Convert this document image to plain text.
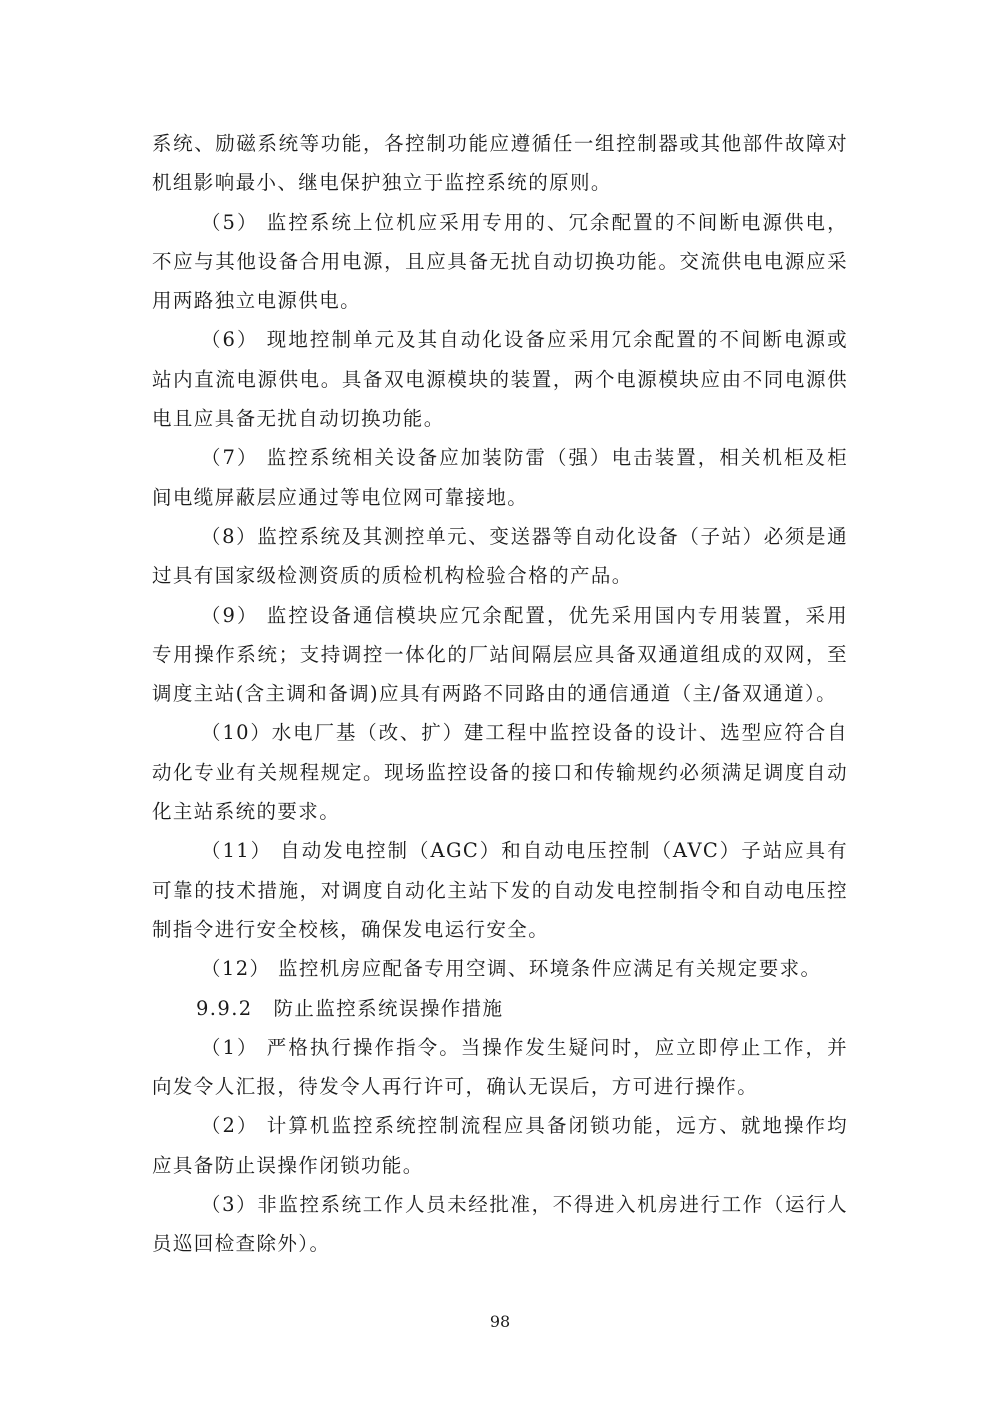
系统、励磁系统等功能，各控制功能应遵循任一组控制器或其他部件故障对机组影响最小、继电保护独立于监控系统的原则。

（5） 监控系统上位机应采用专用的、冗余配置的不间断电源供电，不应与其他设备合用电源，且应具备无扰自动切换功能。交流供电电源应采用两路独立电源供电。

（6） 现地控制单元及其自动化设备应采用冗余配置的不间断电源或站内直流电源供电。具备双电源模块的装置，两个电源模块应由不同电源供电且应具备无扰自动切换功能。

（7） 监控系统相关设备应加装防雷（强）电击装置，相关机柜及柜间电缆屏蔽层应通过等电位网可靠接地。

（8）监控系统及其测控单元、变送器等自动化设备（子站）必须是通过具有国家级检测资质的质检机构检验合格的产品。

（9） 监控设备通信模块应冗余配置，优先采用国内专用装置，采用专用操作系统；支持调控一体化的厂站间隔层应具备双通道组成的双网，至调度主站(含主调和备调)应具有两路不同路由的通信通道（主/备双通道）。

（10）水电厂基（改、扩）建工程中监控设备的设计、选型应符合自动化专业有关规程规定。现场监控设备的接口和传输规约必须满足调度自动化主站系统的要求。

（11） 自动发电控制（AGC）和自动电压控制（AVC）子站应具有可靠的技术措施，对调度自动化主站下发的自动发电控制指令和自动电压控制指令进行安全校核，确保发电运行安全。

（12） 监控机房应配备专用空调、环境条件应满足有关规定要求。

9.9.2　防止监控系统误操作措施

（1） 严格执行操作指令。当操作发生疑问时，应立即停止工作，并向发令人汇报，待发令人再行许可，确认无误后，方可进行操作。

（2） 计算机监控系统控制流程应具备闭锁功能，远方、就地操作均应具备防止误操作闭锁功能。

（3）非监控系统工作人员未经批准，不得进入机房进行工作（运行人员巡回检查除外）。

98
